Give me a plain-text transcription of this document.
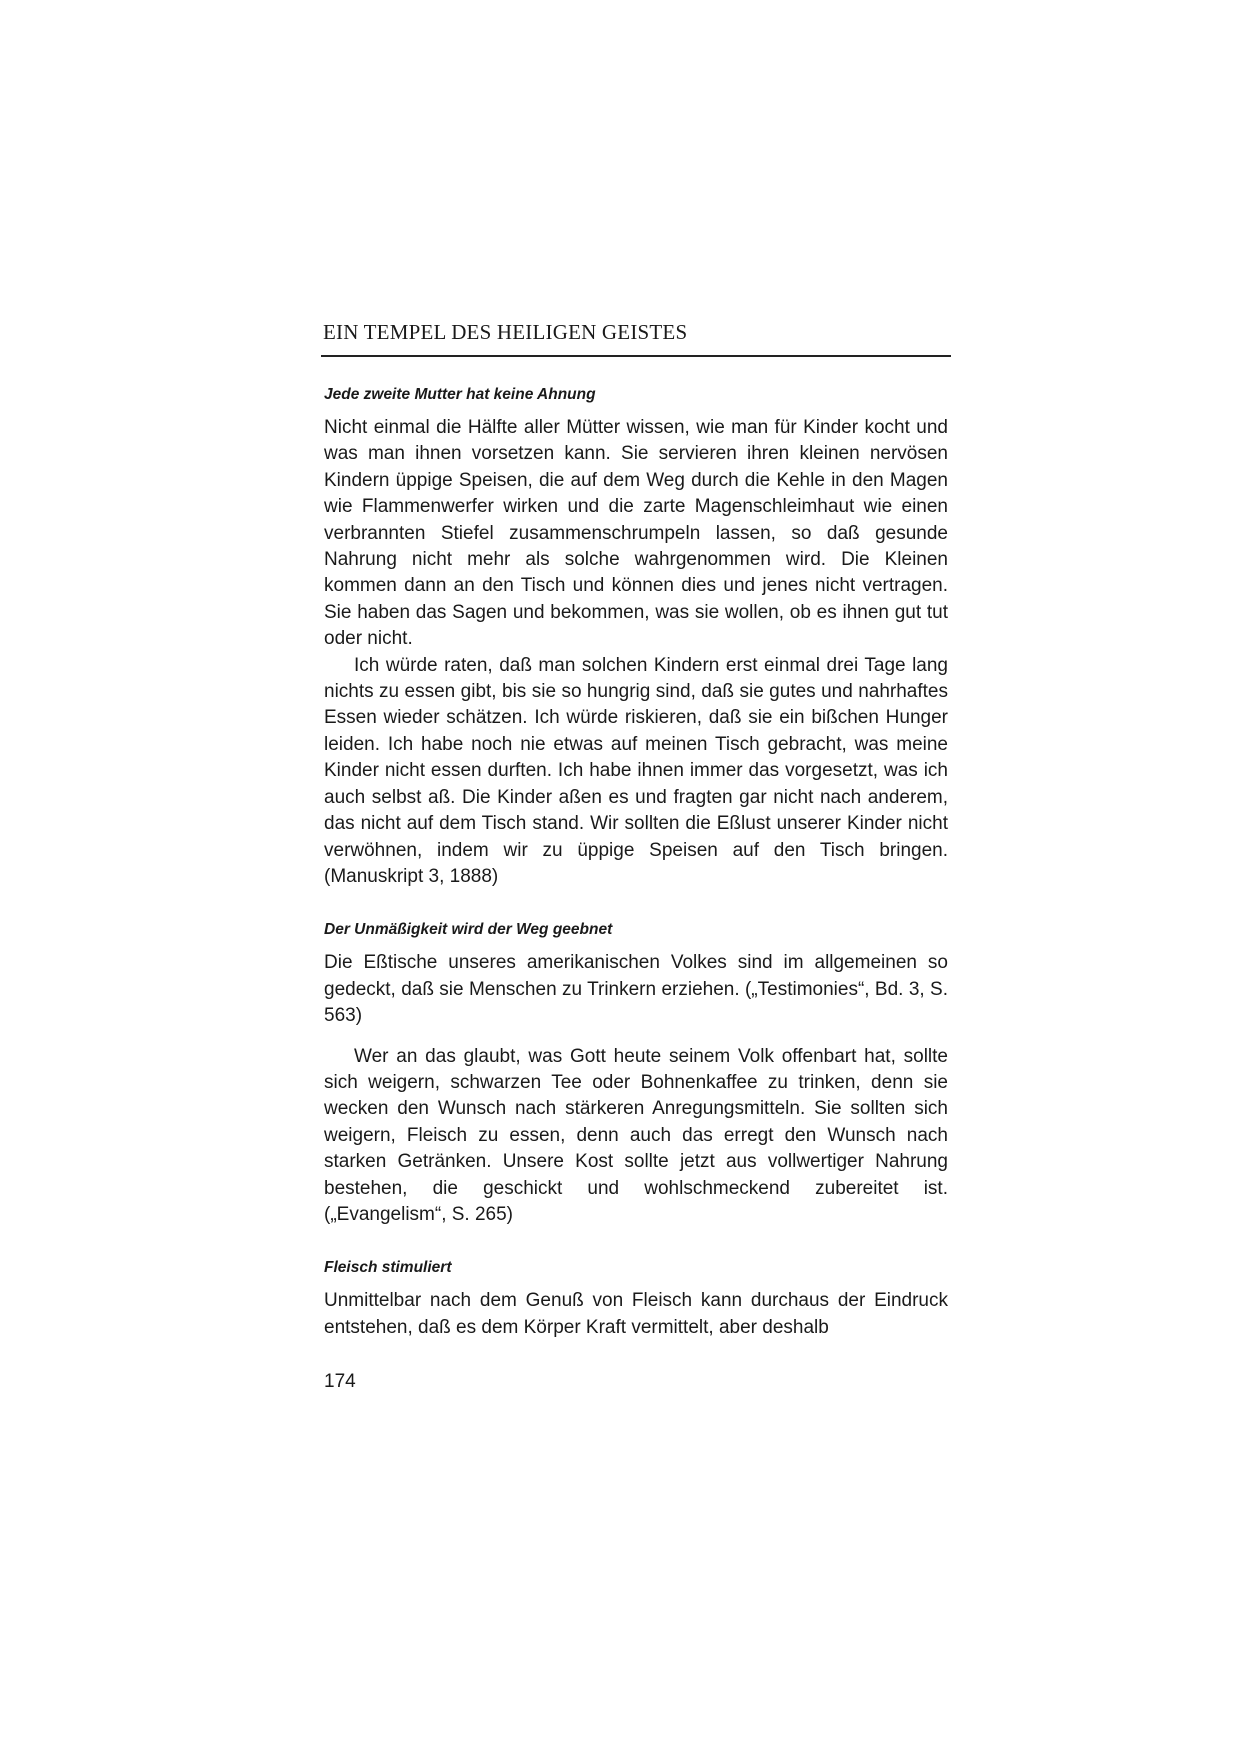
EIN TEMPEL DES HEILIGEN GEISTES
Jede zweite Mutter hat keine Ahnung

Nicht einmal die Hälfte aller Mütter wissen, wie man für Kinder kocht und was man ihnen vorsetzen kann. Sie servieren ihren kleinen nervösen Kindern üppige Speisen, die auf dem Weg durch die Kehle in den Magen wie Flammenwerfer wirken und die zarte Magenschleimhaut wie einen verbrannten Stiefel zusammenschrumpeln lassen, so daß gesunde Nahrung nicht mehr als solche wahrgenommen wird. Die Kleinen kommen dann an den Tisch und können dies und jenes nicht vertragen. Sie haben das Sagen und bekommen, was sie wollen, ob es ihnen gut tut oder nicht.

Ich würde raten, daß man solchen Kindern erst einmal drei Tage lang nichts zu essen gibt, bis sie so hungrig sind, daß sie gutes und nahrhaftes Essen wieder schätzen. Ich würde riskieren, daß sie ein bißchen Hunger leiden. Ich habe noch nie etwas auf meinen Tisch gebracht, was meine Kinder nicht essen durften. Ich habe ihnen immer das vorgesetzt, was ich auch selbst aß. Die Kinder aßen es und fragten gar nicht nach anderem, das nicht auf dem Tisch stand. Wir sollten die Eßlust unserer Kinder nicht verwöhnen, indem wir zu üppige Speisen auf den Tisch bringen. (Manuskript 3, 1888)

Der Unmäßigkeit wird der Weg geebnet

Die Eßtische unseres amerikanischen Volkes sind im allgemeinen so gedeckt, daß sie Menschen zu Trinkern erziehen. („Testimonies“, Bd. 3, S. 563)

Wer an das glaubt, was Gott heute seinem Volk offenbart hat, sollte sich weigern, schwarzen Tee oder Bohnenkaffee zu trinken, denn sie wecken den Wunsch nach stärkeren Anregungsmitteln. Sie sollten sich weigern, Fleisch zu essen, denn auch das erregt den Wunsch nach starken Getränken. Unsere Kost sollte jetzt aus vollwertiger Nahrung bestehen, die geschickt und wohlschmeckend zubereitet ist. („Evangelism“, S. 265)

Fleisch stimuliert

Unmittelbar nach dem Genuß von Fleisch kann durchaus der Eindruck entstehen, daß es dem Körper Kraft vermittelt, aber deshalb

174
